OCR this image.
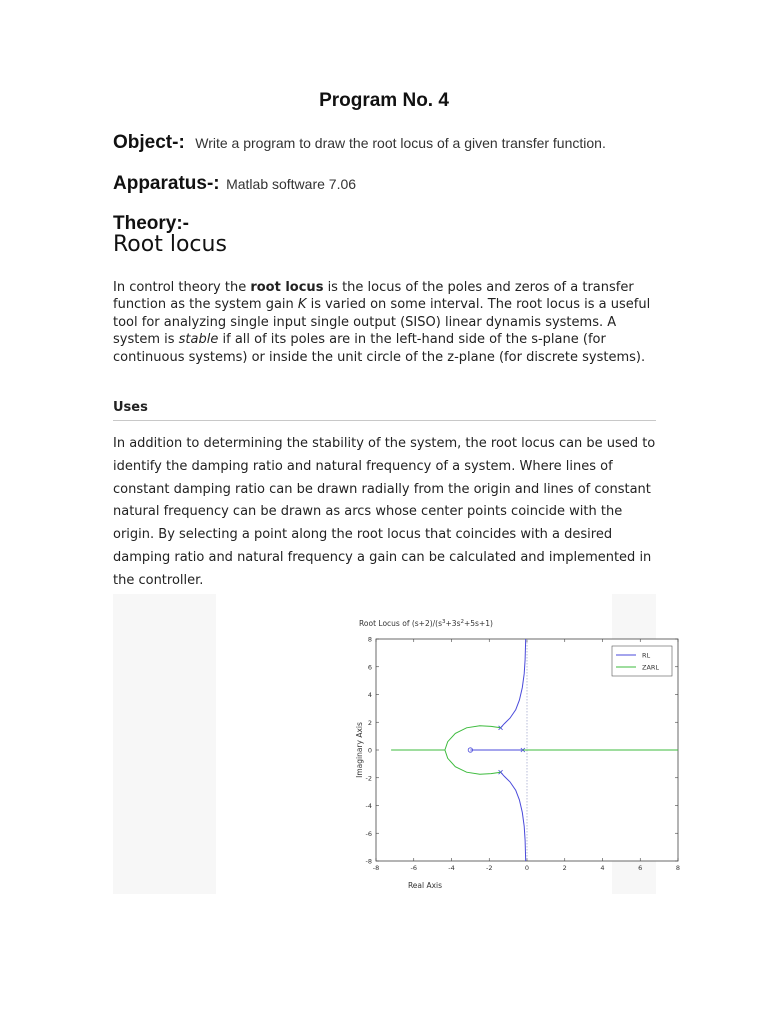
Program No. 4
Object-: Write a program to draw the root locus of a given transfer function.
Apparatus-: Matlab software 7.06
Theory:-
Root locus
In control theory the root locus is the locus of the poles and zeros of a transfer function as the system gain K is varied on some interval. The root locus is a useful tool for analyzing single input single output (SISO) linear dynamis systems. A system is stable if all of its poles are in the left-hand side of the s-plane (for continuous systems) or inside the unit circle of the z-plane (for discrete systems).
Uses
In addition to determining the stability of the system, the root locus can be used to identify the damping ratio and natural frequency of a system. Where lines of constant damping ratio can be drawn radially from the origin and lines of constant natural frequency can be drawn as arcs whose center points coincide with the origin. By selecting a point along the root locus that coincides with a desired damping ratio and natural frequency a gain can be calculated and implemented in the controller.
Root Locus of $(s+2)/(s^3+3s^2+5s+1)$
-8	-6	-4	-2	0	2	4	6	8
-8
-6
-4
-2
0
2
4
6
8
RL
ZARL
Real Axis
Imaginary Axis
